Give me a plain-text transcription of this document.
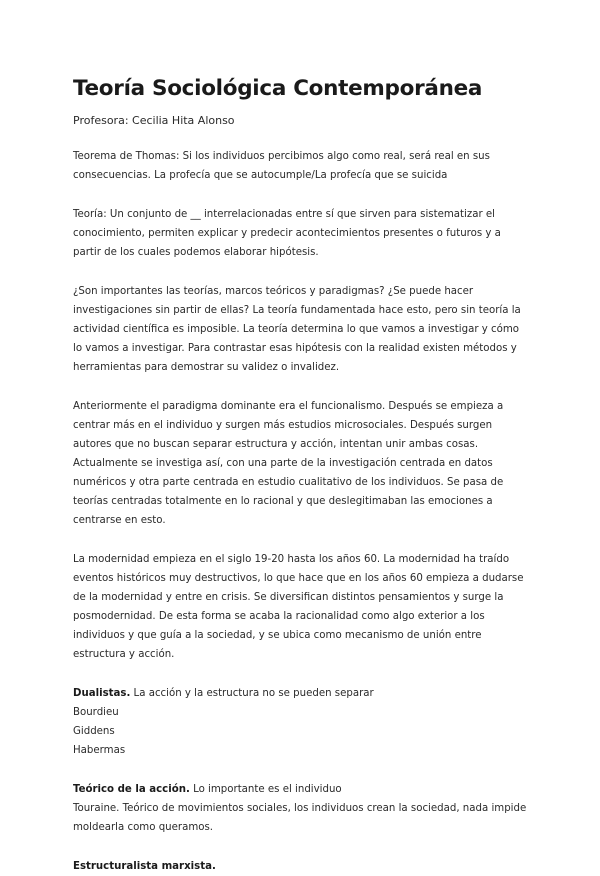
Teoría Sociológica Contemporánea
Profesora: Cecilia Hita Alonso

Teorema de Thomas: Si los individuos percibimos algo como real, será real en sus consecuencias. La profecía que se autocumple/La profecía que se suicida

Teoría: Un conjunto de __ interrelacionadas entre sí que sirven para sistematizar el conocimiento, permiten explicar y predecir acontecimientos presentes o futuros y a partir de los cuales podemos elaborar hipótesis.

¿Son importantes las teorías, marcos teóricos y paradigmas? ¿Se puede hacer investigaciones sin partir de ellas? La teoría fundamentada hace esto, pero sin teoría la actividad científica es imposible. La teoría determina lo que vamos a investigar y cómo lo vamos a investigar. Para contrastar esas hipótesis con la realidad existen métodos y herramientas para demostrar su validez o invalidez.

Anteriormente el paradigma dominante era el funcionalismo. Después se empieza a centrar más en el individuo y surgen más estudios microsociales. Después surgen autores que no buscan separar estructura y acción, intentan unir ambas cosas. Actualmente se investiga así, con una parte de la investigación centrada en datos numéricos y otra parte centrada en estudio cualitativo de los individuos. Se pasa de teorías centradas totalmente en lo racional y que deslegitimaban las emociones a centrarse en esto.

La modernidad empieza en el siglo 19-20 hasta los años 60. La modernidad ha traído eventos históricos muy destructivos, lo que hace que en los años 60 empieza a dudarse de la modernidad y entre en crisis. Se diversifican distintos pensamientos y surge la posmodernidad. De esta forma se acaba la racionalidad como algo exterior a los individuos y que guía a la sociedad, y se ubica como mecanismo de unión entre estructura y acción.

Dualistas. La acción y la estructura no se pueden separar
Bourdieu
Giddens
Habermas

Teórico de la acción. Lo importante es el individuo
Touraine. Teórico de movimientos sociales, los individuos crean la sociedad, nada impide moldearla como queramos.

Estructuralista marxista.
